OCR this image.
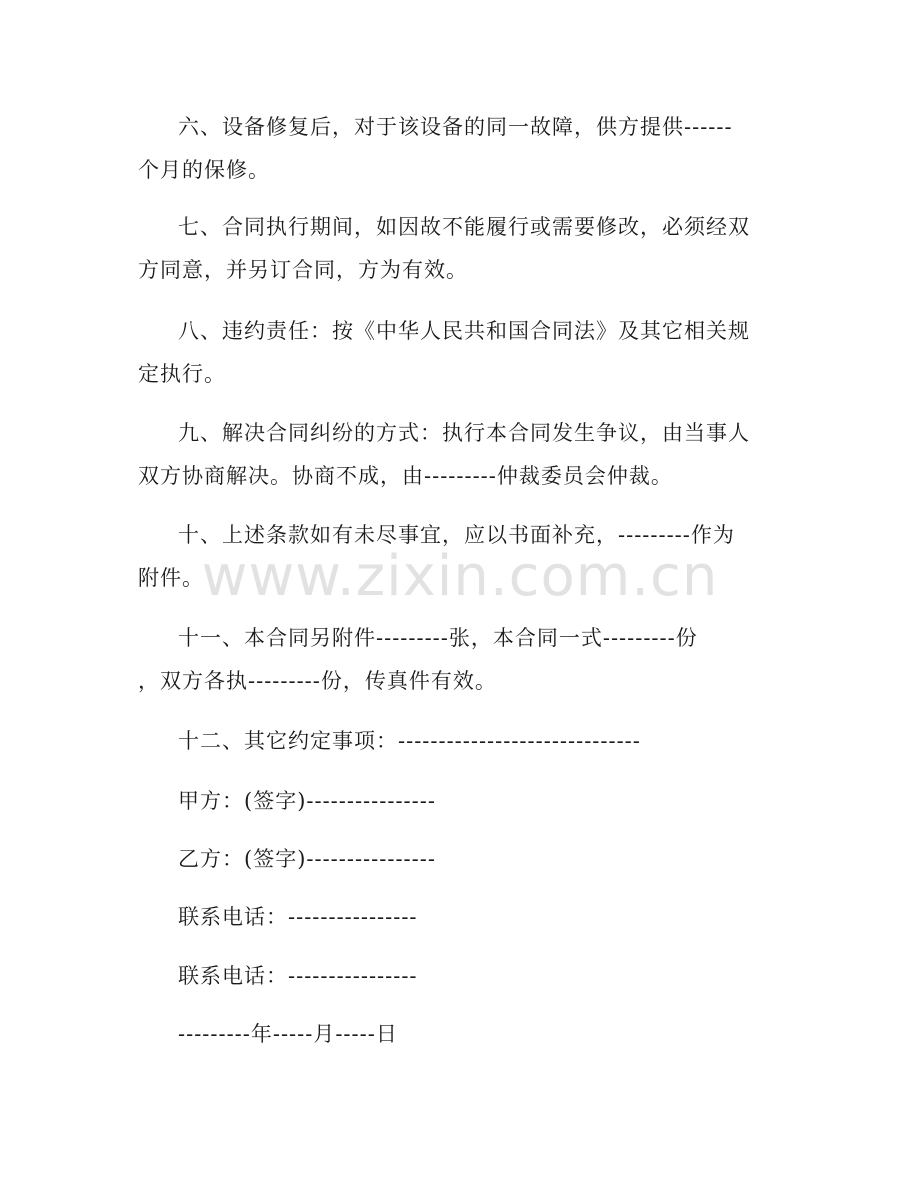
六、设备修复后，对于该设备的同一故障，供方提供------
个月的保修。
七、合同执行期间，如因故不能履行或需要修改，必须经双
方同意，并另订合同，方为有效。
八、违约责任：按《中华人民共和国合同法》及其它相关规
定执行。
九、解决合同纠纷的方式：执行本合同发生争议，由当事人
双方协商解决。协商不成，由---------仲裁委员会仲裁。
十、上述条款如有未尽事宜，应以书面补充，---------作为
附件。
十一、本合同另附件---------张，本合同一式---------份
，双方各执---------份，传真件有效。
十二、其它约定事项：------------------------------
甲方：(签字)----------------
乙方：(签字)----------------
联系电话：----------------
联系电话：----------------
---------年-----月-----日
www.zixin.com.cn
